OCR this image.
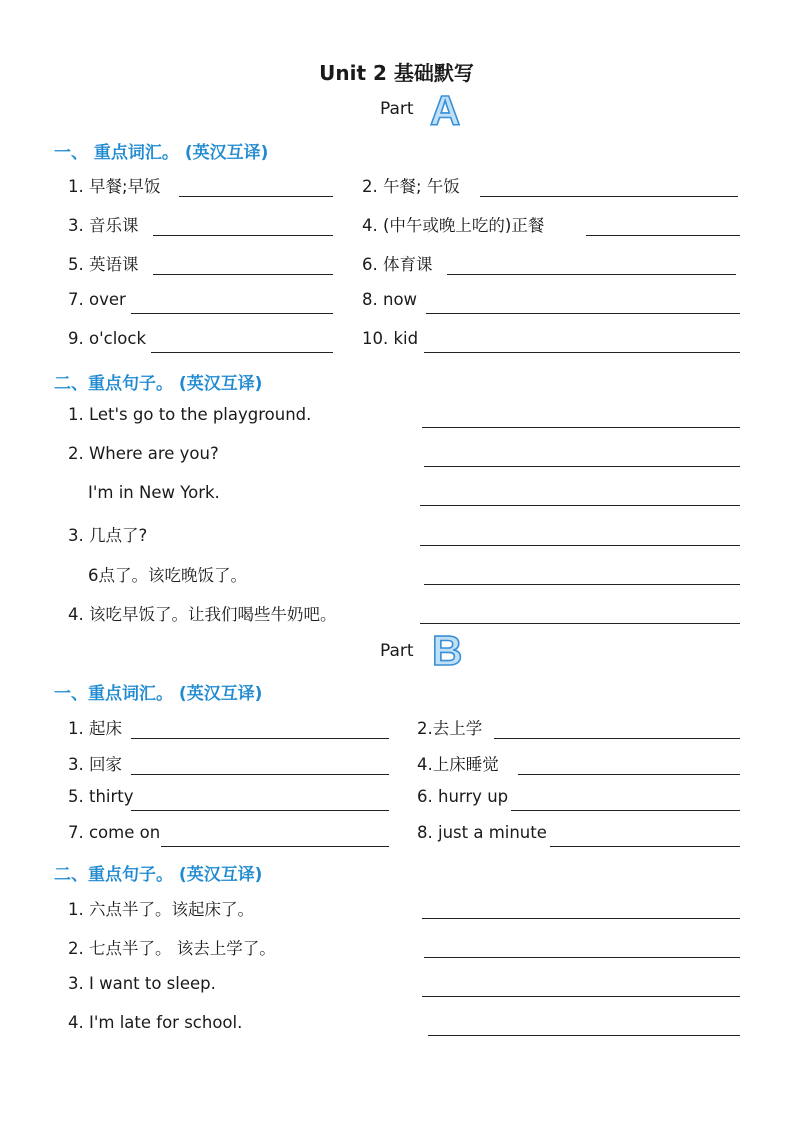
Unit 2 基础默写
Part A
一、 重点词汇。 (英汉互译)
1. 早餐;早饭	2. 午餐; 午饭
3. 音乐课	4. (中午或晚上吃的)正餐
5. 英语课	6. 体育课
7. over	8. now
9. o'clock	10. kid
二、重点句子。 (英汉互译)
1. Let's go to the playground.
2. Where are you?
I'm in New York.
3. 几点了?
6点了。该吃晚饭了。
4. 该吃早饭了。让我们喝些牛奶吧。
Part B
一、重点词汇。 (英汉互译)
1. 起床	2.去上学
3. 回家	4.上床睡觉
5. thirty	6. hurry up
7. come on	8. just a minute
二、重点句子。 (英汉互译)
1. 六点半了。该起床了。
2. 七点半了。 该去上学了。
3. I want to sleep.
4. I'm late for school.
